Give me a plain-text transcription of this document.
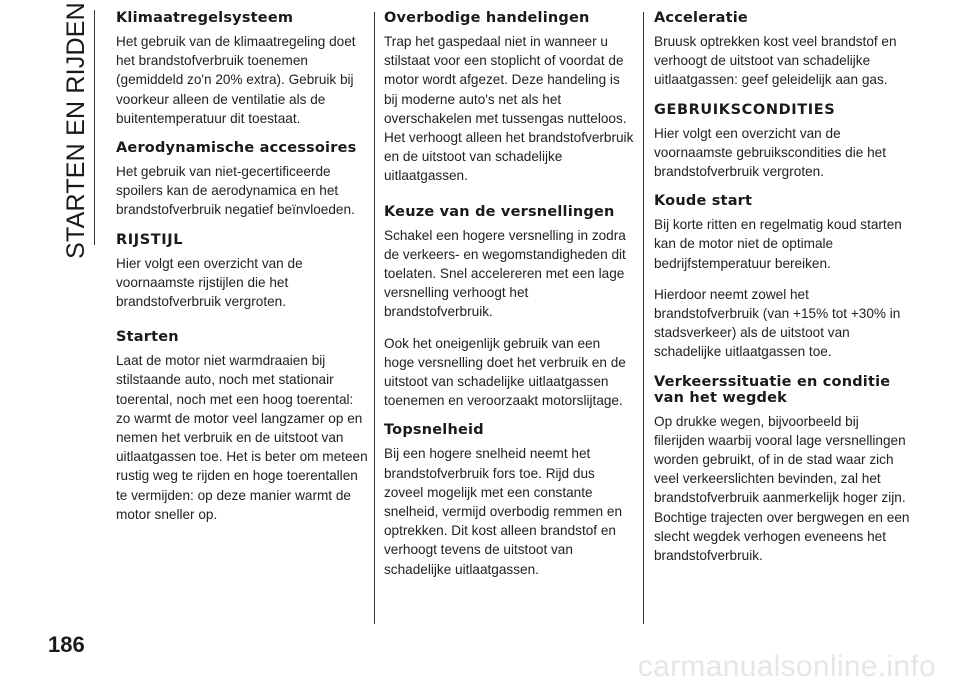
STARTEN EN RIJDEN Klimaatregelsysteem

Het gebruik van de klimaatregeling doet het brandstofverbruik toenemen (gemiddeld zo'n 20% extra). Gebruik bij voorkeur alleen de ventilatie als de buitentemperatuur dit toestaat.

Aerodynamische accessoires

Het gebruik van niet-gecertificeerde spoilers kan de aerodynamica en het brandstofverbruik negatief beïnvloeden.

RIJSTIJL

Hier volgt een overzicht van de voornaamste rijstijlen die het brandstofverbruik vergroten.

Starten

Laat de motor niet warmdraaien bij stilstaande auto, noch met stationair toerental, noch met een hoog toerental: zo warmt de motor veel langzamer op en nemen het verbruik en de uitstoot van uitlaatgassen toe. Het is beter om meteen rustig weg te rijden en hoge toerentallen te vermijden: op deze manier warmt de motor sneller op.

Overbodige handelingen

Trap het gaspedaal niet in wanneer u stilstaat voor een stoplicht of voordat de motor wordt afgezet. Deze handeling is bij moderne auto's net als het overschakelen met tussengas nutteloos. Het verhoogt alleen het brandstofverbruik en de uitstoot van schadelijke uitlaatgassen.

Keuze van de versnellingen

Schakel een hogere versnelling in zodra de verkeers- en wegomstandigheden dit toelaten. Snel accelereren met een lage versnelling verhoogt het brandstofverbruik.

Ook het oneigenlijk gebruik van een hoge versnelling doet het verbruik en de uitstoot van schadelijke uitlaatgassen toenemen en veroorzaakt motorslijtage.

Topsnelheid

Bij een hogere snelheid neemt het brandstofverbruik fors toe. Rijd dus zoveel mogelijk met een constante snelheid, vermijd overbodig remmen en optrekken. Dit kost alleen brandstof en verhoogt tevens de uitstoot van schadelijke uitlaatgassen.

Acceleratie

Bruusk optrekken kost veel brandstof en verhoogt de uitstoot van schadelijke uitlaatgassen: geef geleidelijk aan gas.

GEBRUIKSCONDITIES

Hier volgt een overzicht van de voornaamste gebruikscondities die het brandstofverbruik vergroten.

Koude start

Bij korte ritten en regelmatig koud starten kan de motor niet de optimale bedrijfstemperatuur bereiken.

Hierdoor neemt zowel het brandstofverbruik (van +15% tot +30% in stadsverkeer) als de uitstoot van schadelijke uitlaatgassen toe.

Verkeerssituatie en conditie van het wegdek

Op drukke wegen, bijvoorbeeld bij filerijden waarbij vooral lage versnellingen worden gebruikt, of in de stad waar zich veel verkeerslichten bevinden, zal het brandstofverbruik aanmerkelijk hoger zijn. Bochtige trajecten over bergwegen en een slecht wegdek verhogen eveneens het brandstofverbruik.

186
carmanualsonline.info
